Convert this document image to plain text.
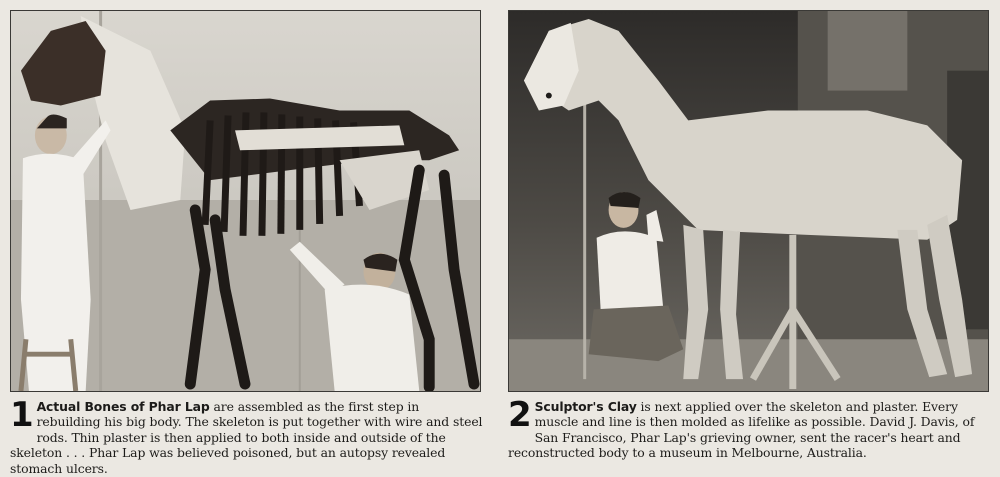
1 Actual Bones of Phar Lap are assembled as the first step in rebuilding his big body. The skeleton is put together with wire and steel rods. Thin plaster is then applied to both inside and outside of the skeleton . . . Phar Lap was believed poisoned, but an autopsy revealed stomach ulcers.
2 Sculptor's Clay is next applied over the skeleton and plaster. Every muscle and line is then molded as lifelike as possible. David J. Davis, of San Francisco, Phar Lap's grieving owner, sent the racer's heart and reconstructed body to a museum in Melbourne, Australia.
